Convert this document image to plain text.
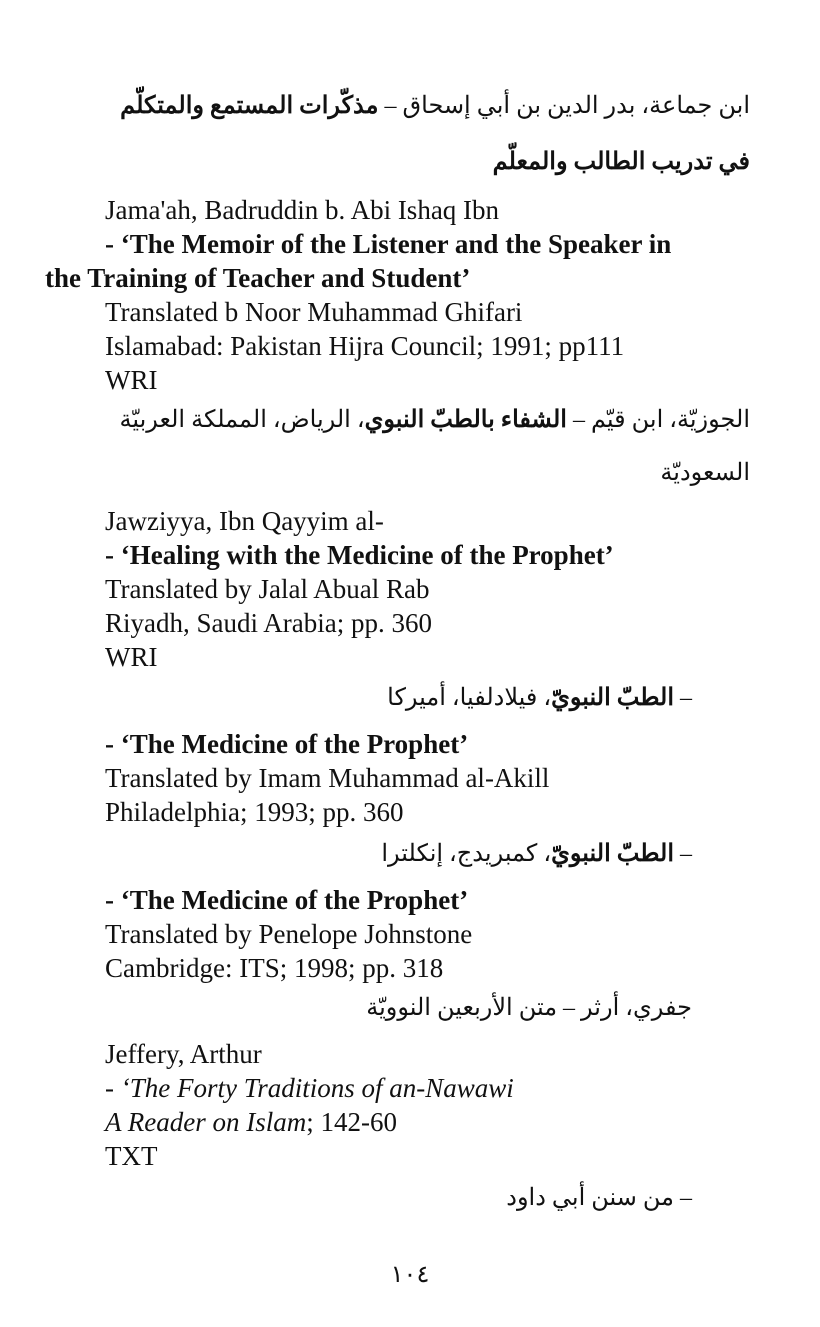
ابن جماعة، بدر الدين بن أبي إسحاق – مذكّرات المستمع والمتكلّم
في تدريب الطالب والمعلّم
Jama'ah, Badruddin b. Abi Ishaq Ibn
- ‘The Memoir of the Listener and the Speaker in
the Training of Teacher and Student’
Translated b Noor Muhammad Ghifari
Islamabad: Pakistan Hijra Council; 1991; pp111
WRI
الجوزيّة، ابن قيّم – الشفاء بالطبّ النبوي، الرياض، المملكة العربيّة
السعوديّة
Jawziyya, Ibn Qayyim al-
- ‘Healing with the Medicine of the Prophet’
Translated by Jalal Abual Rab
Riyadh, Saudi Arabia; pp. 360
WRI
– الطبّ النبويّ، فيلادلفيا، أميركا
- ‘The Medicine of the Prophet’
Translated by Imam Muhammad al-Akill
Philadelphia; 1993; pp. 360
– الطبّ النبويّ، كمبريدج، إنكلترا
- ‘The Medicine of the Prophet’
Translated by Penelope Johnstone
Cambridge: ITS; 1998; pp. 318
جفري، أرثر – متن الأربعين النوويّة
Jeffery, Arthur
- ‘The Forty Traditions of an-Nawawi
A Reader on Islam; 142-60
TXT
– من سنن أبي داود
١٠٤
